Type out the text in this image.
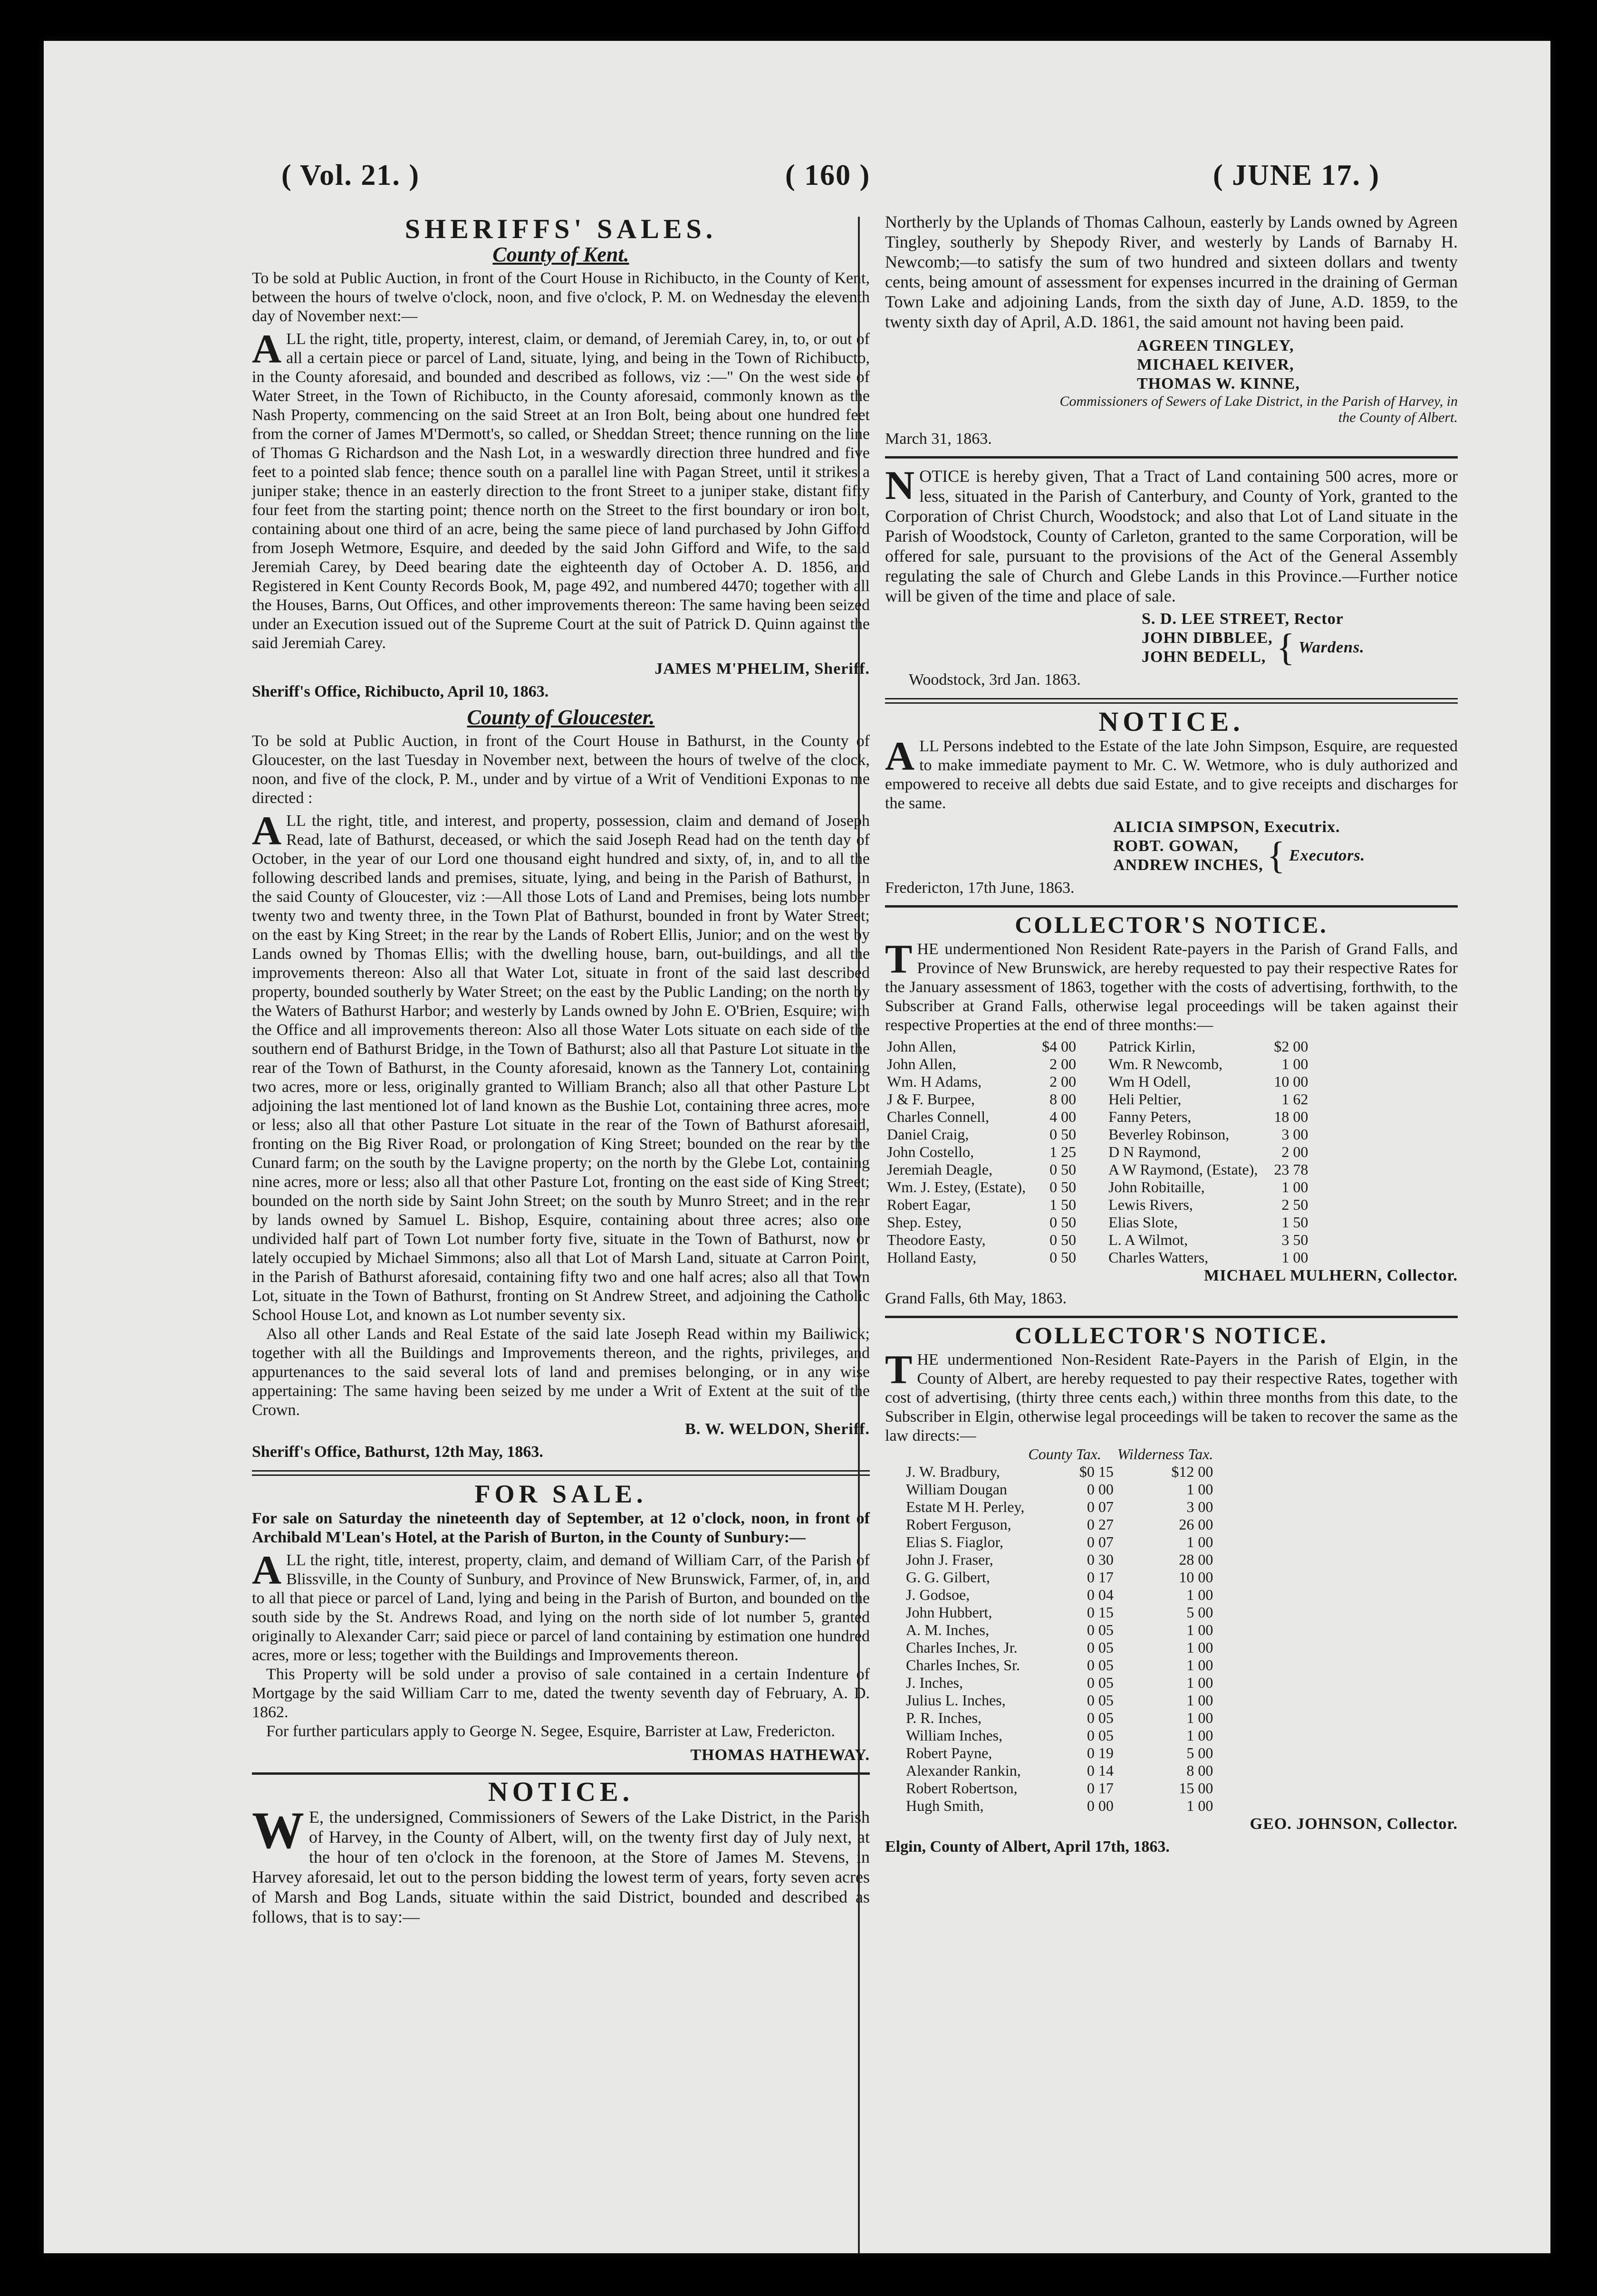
( Vol. 21. )	( 160 )	( JUNE 17. )
SHERIFFS' SALES.
County of Kent.

To be sold at Public Auction, in front of the Court House in Richibucto, in the County of Kent, between the hours of twelve o'clock, noon, and five o'clock, P. M. on Wednesday the eleventh day of November next:—

ALL the right, title, property, interest, claim, or demand, of Jeremiah Carey, in, to, or out of all a certain piece or parcel of Land, situate, lying, and being in the Town of Richibucto, in the County aforesaid, and bounded and described as follows, viz :—" On the west side of Water Street, in the Town of Richibucto, in the County aforesaid, commonly known as the Nash Property, commencing on the said Street at an Iron Bolt, being about one hundred feet from the corner of James M'Dermott's, so called, or Sheddan Street; thence running on the line of Thomas G Richardson and the Nash Lot, in a weswardly direction three hundred and five feet to a pointed slab fence; thence south on a parallel line with Pagan Street, until it strikes a juniper stake; thence in an easterly direction to the front Street to a juniper stake, distant fifty four feet from the starting point; thence north on the Street to the first boundary or iron bolt, containing about one third of an acre, being the same piece of land purchased by John Gifford from Joseph Wetmore, Esquire, and deeded by the said John Gifford and Wife, to the said Jeremiah Carey, by Deed bearing date the eighteenth day of October A. D. 1856, and Registered in Kent County Records Book, M, page 492, and numbered 4470; together with all the Houses, Barns, Out Offices, and other improvements thereon: The same having been seized under an Execution issued out of the Supreme Court at the suit of Patrick D. Quinn against the said Jeremiah Carey.

JAMES M'PHELIM, Sheriff.

Sheriff's Office, Richibucto, April 10, 1863.

County of Gloucester.

To be sold at Public Auction, in front of the Court House in Bathurst, in the County of Gloucester, on the last Tuesday in November next, between the hours of twelve of the clock, noon, and five of the clock, P. M., under and by virtue of a Writ of Venditioni Exponas to me directed :

ALL the right, title, and interest, and property, possession, claim and demand of Joseph Read, late of Bathurst, deceased, or which the said Joseph Read had on the tenth day of October, in the year of our Lord one thousand eight hundred and sixty, of, in, and to all the following described lands and premises, situate, lying, and being in the Parish of Bathurst, in the said County of Gloucester, viz :—All those Lots of Land and Premises, being lots number twenty two and twenty three, in the Town Plat of Bathurst, bounded in front by Water Street; on the east by King Street; in the rear by the Lands of Robert Ellis, Junior; and on the west by Lands owned by Thomas Ellis; with the dwelling house, barn, out-buildings, and all the improvements thereon: Also all that Water Lot, situate in front of the said last described property, bounded southerly by Water Street; on the east by the Public Landing; on the north by the Waters of Bathurst Harbor; and westerly by Lands owned by John E. O'Brien, Esquire; with the Office and all improvements thereon: Also all those Water Lots situate on each side of the southern end of Bathurst Bridge, in the Town of Bathurst; also all that Pasture Lot situate in the rear of the Town of Bathurst, in the County aforesaid, known as the Tannery Lot, containing two acres, more or less, originally granted to William Branch; also all that other Pasture Lot adjoining the last mentioned lot of land known as the Bushie Lot, containing three acres, more or less; also all that other Pasture Lot situate in the rear of the Town of Bathurst aforesaid, fronting on the Big River Road, or prolongation of King Street; bounded on the rear by the Cunard farm; on the south by the Lavigne property; on the north by the Glebe Lot, containing nine acres, more or less; also all that other Pasture Lot, fronting on the east side of King Street; bounded on the north side by Saint John Street; on the south by Munro Street; and in the rear by lands owned by Samuel L. Bishop, Esquire, containing about three acres; also one undivided half part of Town Lot number forty five, situate in the Town of Bathurst, now or lately occupied by Michael Simmons; also all that Lot of Marsh Land, situate at Carron Point, in the Parish of Bathurst aforesaid, containing fifty two and one half acres; also all that Town Lot, situate in the Town of Bathurst, fronting on St Andrew Street, and adjoining the Catholic School House Lot, and known as Lot number seventy six.

Also all other Lands and Real Estate of the said late Joseph Read within my Bailiwick; together with all the Buildings and Improvements thereon, and the rights, privileges, and appurtenances to the said several lots of land and premises belonging, or in any wise appertaining: The same having been seized by me under a Writ of Extent at the suit of the Crown.

B. W. WELDON, Sheriff.

Sheriff's Office, Bathurst, 12th May, 1863.

FOR SALE.

For sale on Saturday the nineteenth day of September, at 12 o'clock, noon, in front of Archibald M'Lean's Hotel, at the Parish of Burton, in the County of Sunbury:—

ALL the right, title, interest, property, claim, and demand of William Carr, of the Parish of Blissville, in the County of Sunbury, and Province of New Brunswick, Farmer, of, in, and to all that piece or parcel of Land, lying and being in the Parish of Burton, and bounded on the south side by the St. Andrews Road, and lying on the north side of lot number 5, granted originally to Alexander Carr; said piece or parcel of land containing by estimation one hundred acres, more or less; together with the Buildings and Improvements thereon.

This Property will be sold under a proviso of sale contained in a certain Indenture of Mortgage by the said William Carr to me, dated the twenty seventh day of February, A. D. 1862.

For further particulars apply to George N. Segee, Esquire, Barrister at Law, Fredericton.

THOMAS HATHEWAY.

NOTICE.

W E, the undersigned, Commissioners of Sewers of the Lake District, in the Parish of Harvey, in the County of Albert, will, on the twenty first day of July next, at the hour of ten o'clock in the forenoon, at the Store of James M. Stevens, in Harvey aforesaid, let out to the person bidding the lowest term of years, forty seven acres of Marsh and Bog Lands, situate within the said District, bounded and described as follows, that is to say:—

Northerly by the Uplands of Thomas Calhoun, easterly by Lands owned by Agreen Tingley, southerly by Shepody River, and westerly by Lands of Barnaby H. Newcomb;—to satisfy the sum of two hundred and sixteen dollars and twenty cents, being amount of assessment for expenses incurred in the draining of German Town Lake and adjoining Lands, from the sixth day of June, A.D. 1859, to the twenty sixth day of April, A.D. 1861, the said amount not having been paid.

AGREEN TINGLEY,

MICHAEL KEIVER,

THOMAS W. KINNE,

Commissioners of Sewers of Lake District, in the Parish of Harvey, in the County of Albert.

March 31, 1863.

NOTICE is hereby given, That a Tract of Land containing 500 acres, more or less, situated in the Parish of Canterbury, and County of York, granted to the Corporation of Christ Church, Woodstock; and also that Lot of Land situate in the Parish of Woodstock, County of Carleton, granted to the same Corporation, will be offered for sale, pursuant to the provisions of the Act of the General Assembly regulating the sale of Church and Glebe Lands in this Province.—Further notice will be given of the time and place of sale.

S. D. LEE STREET, Rector

JOHN DIBBLEE,

JOHN BEDELL, { Wardens.

Woodstock, 3rd Jan. 1863.

NOTICE.

ALL Persons indebted to the Estate of the late John Simpson, Esquire, are requested to make immediate payment to Mr. C. W. Wetmore, who is duly authorized and empowered to receive all debts due said Estate, and to give receipts and discharges for the same.

ALICIA SIMPSON, Executrix.

ROBT. GOWAN,

ANDREW INCHES, { Executors.

Fredericton, 17th June, 1863.

COLLECTOR'S NOTICE.

THE undermentioned Non Resident Rate-payers in the Parish of Grand Falls, and Province of New Brunswick, are hereby requested to pay their respective Rates for the January assessment of 1863, together with the costs of advertising, forthwith, to the Subscriber at Grand Falls, otherwise legal proceedings will be taken against their respective Properties at the end of three months:—

John Allen,	$4 00
John Allen,	2 00
Wm. H Adams,	2 00
J & F. Burpee,	8 00
Charles Connell,	4 00
Daniel Craig,	0 50
John Costello,	1 25
Jeremiah Deagle,	0 50
Wm. J. Estey, (Estate),	0 50
Robert Eagar,	1 50
Shep. Estey,	0 50
Theodore Easty,	0 50
Holland Easty,	0 50
Patrick Kirlin,	$2 00
Wm. R Newcomb,	1 00
Wm H Odell,	10 00
Heli Peltier,	1 62
Fanny Peters,	18 00
Beverley Robinson,	3 00
D N Raymond,	2 00
A W Raymond, (Estate),	23 78
John Robitaille,	1 00
Lewis Rivers,	2 50
Elias Slote,	1 50
L. A Wilmot,	3 50
Charles Watters,	1 00

MICHAEL MULHERN, Collector.

Grand Falls, 6th May, 1863.

COLLECTOR'S NOTICE.

THE undermentioned Non-Resident Rate-Payers in the Parish of Elgin, in the County of Albert, are hereby requested to pay their respective Rates, together with cost of advertising, (thirty three cents each,) within three months from this date, to the Subscriber in Elgin, otherwise legal proceedings will be taken to recover the same as the law directs:—

	County Tax.	Wilderness Tax.
J. W. Bradbury,	$0 15	$12 00
William Dougan	0 00	1 00
Estate M H. Perley,	0 07	3 00
Robert Ferguson,	0 27	26 00
Elias S. Fiaglor,	0 07	1 00
John J. Fraser,	0 30	28 00
G. G. Gilbert,	0 17	10 00
J. Godsoe,	0 04	1 00
John Hubbert,	0 15	5 00
A. M. Inches,	0 05	1 00
Charles Inches, Jr.	0 05	1 00
Charles Inches, Sr.	0 05	1 00
J. Inches,	0 05	1 00
Julius L. Inches,	0 05	1 00
P. R. Inches,	0 05	1 00
William Inches,	0 05	1 00
Robert Payne,	0 19	5 00
Alexander Rankin,	0 14	8 00
Robert Robertson,	0 17	15 00
Hugh Smith,	0 00	1 00

GEO. JOHNSON, Collector.

Elgin, County of Albert, April 17th, 1863.
